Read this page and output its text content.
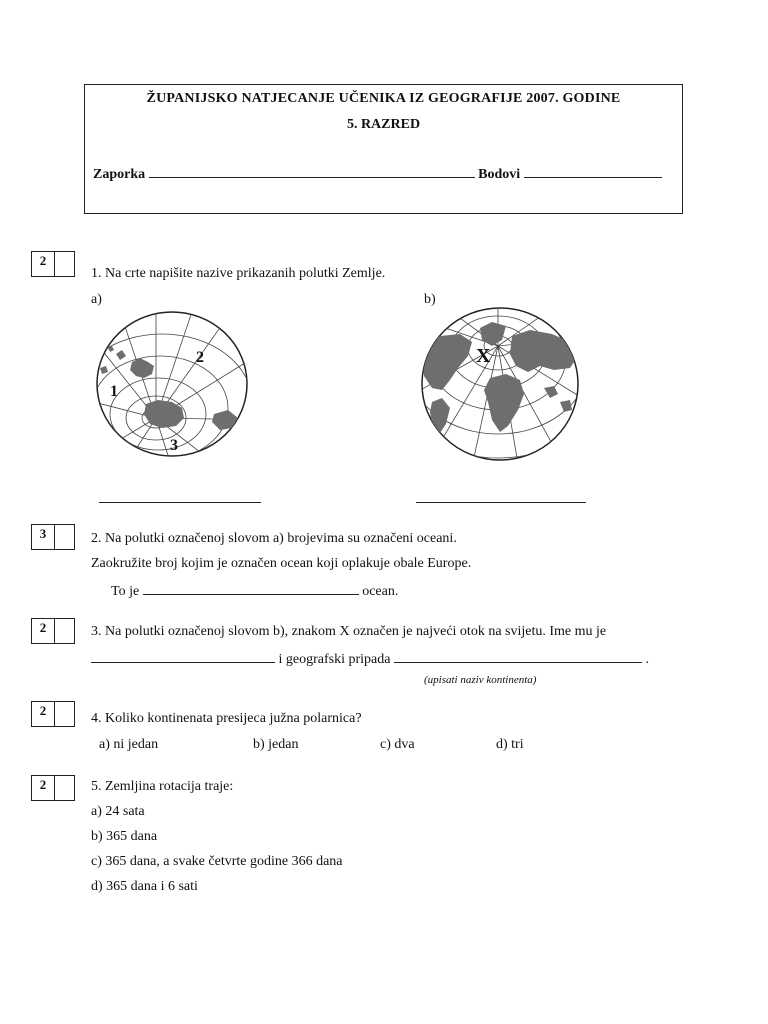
ŽUPANIJSKO NATJECANJE UČENIKA IZ GEOGRAFIJE 2007. GODINE
5. RAZRED
Zaporka	Bodovi
2
1. Na crte napišite nazive prikazanih polutki Zemlje.
a)	b)
2
1
3
X
3	2. Na polutki označenoj slovom a) brojevima su označeni oceani.
Zaokružite broj kojim je označen ocean koji oplakuje obale Europe.
To je	ocean.
2	3. Na polutki označenoj slovom b), znakom X označen je najveći otok na svijetu. Ime mu je
i geografski pripada	.
(upisati naziv kontinenta)
2
4. Koliko kontinenata presijeca južna polarnica?
a) ni jedan	b) jedan	c) dva	d) tri
2	5. Zemljina rotacija traje:
a) 24 sata
b) 365 dana
c) 365 dana, a svake četvrte godine 366 dana
d) 365 dana i 6 sati
